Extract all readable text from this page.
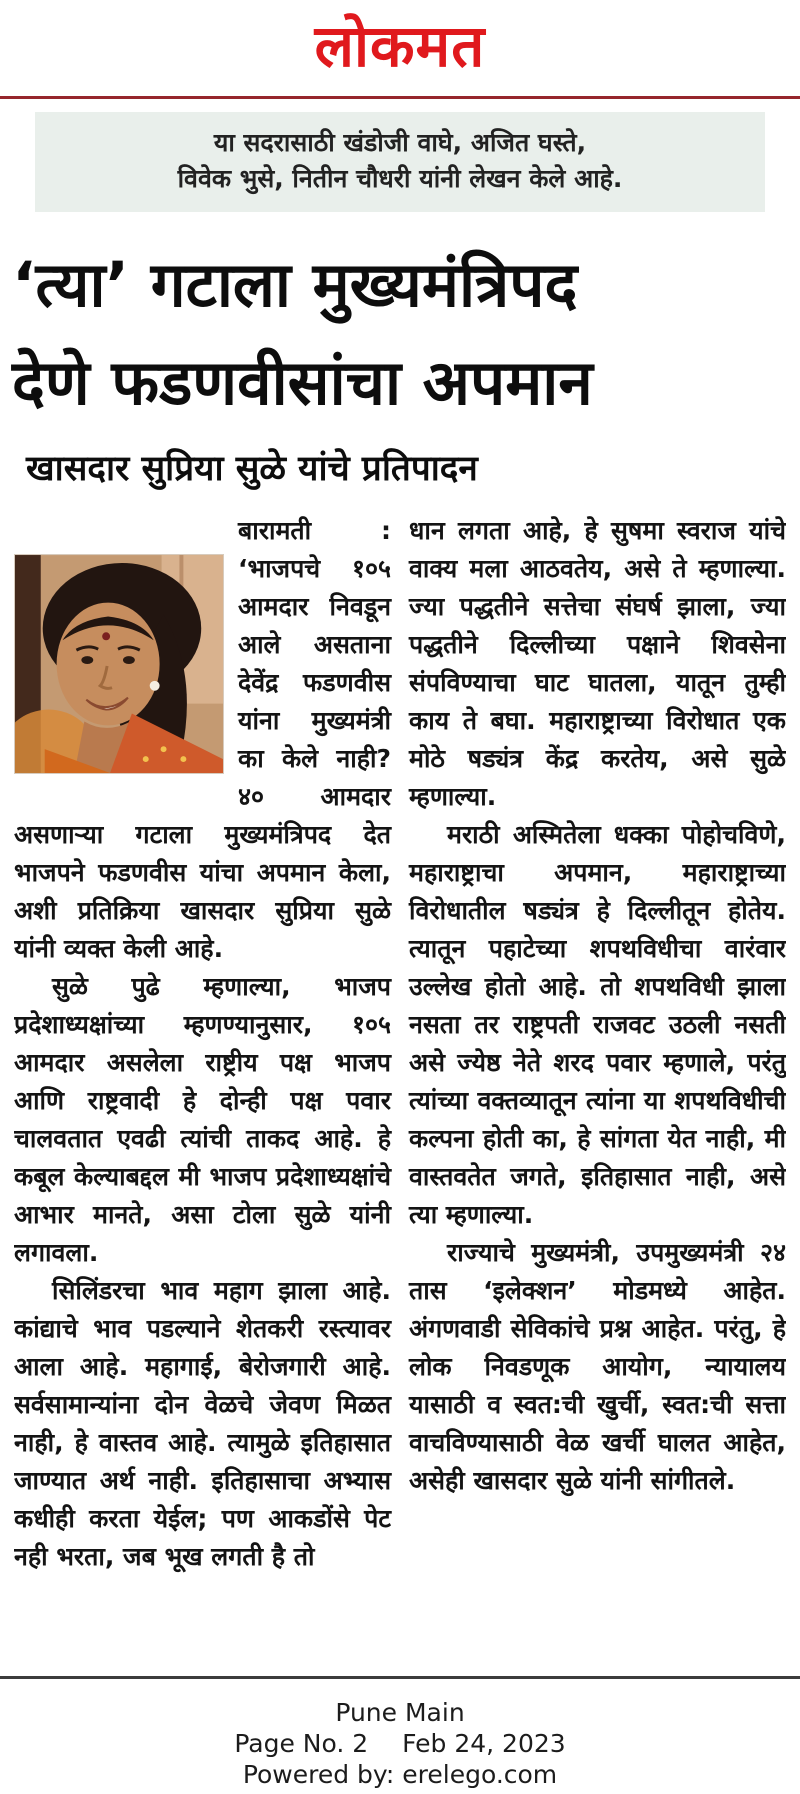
लोकमत
या सदरासाठी खंडोजी वाघे, अजित घस्ते,
विवेक भुसे, नितीन चौधरी यांनी लेखन केले आहे.
‘त्या’ गटाला मुख्यमंत्रिपद
देणे फडणवीसांचा अपमान
खासदार सुप्रिया सुळे यांचे प्रतिपादन

बारामती : ‘भाजपचे १०५ आमदार निवडून आले असताना देवेंद्र फडणवीस यांना मुख्यमंत्री का केले नाही? ४० आमदार असणाऱ्या गटाला मुख्यमंत्रिपद देत भाजपने फडणवीस यांचा अपमान केला, अशी प्रतिक्रिया खासदार सुप्रिया सुळे यांनी व्यक्त केली आहे.

सुळे पुढे म्हणाल्या, भाजप प्रदेशाध्यक्षांच्या म्हणण्यानुसार, १०५ आमदार असलेला राष्ट्रीय पक्ष भाजप आणि राष्ट्रवादी हे दोन्ही पक्ष पवार चालवतात एवढी त्यांची ताकद आहे. हे कबूल केल्याबद्दल मी भाजप प्रदेशाध्यक्षांचे आभार मानते, असा टोला सुळे यांनी लगावला.

सिलिंडरचा भाव महाग झाला आहे. कांद्याचे भाव पडल्याने शेतकरी रस्त्यावर आला आहे. महागाई, बेरोजगारी आहे. सर्वसामान्यांना दोन वेळचे जेवण मिळत नाही, हे वास्तव आहे. त्यामुळे इतिहासात जाण्यात अर्थ नाही. इतिहासाचा अभ्यास कधीही करता येईल; पण आकडोंसे पेट नही भरता, जब भूख लगती है तो

धान लगता आहे, हे सुषमा स्वराज यांचे वाक्य मला आठवतेय, असे ते म्हणाल्या. ज्या पद्धतीने सत्तेचा संघर्ष झाला, ज्या पद्धतीने दिल्लीच्या पक्षाने शिवसेना संपविण्याचा घाट घातला, यातून तुम्ही काय ते बघा. महाराष्ट्राच्या विरोधात एक मोठे षड्यंत्र केंद्र करतेय, असे सुळे म्हणाल्या.

मराठी अस्मितेला धक्का पोहोचविणे, महाराष्ट्राचा अपमान, महाराष्ट्राच्या विरोधातील षड्यंत्र हे दिल्लीतून होतेय. त्यातून पहाटेच्या शपथविधीचा वारंवार उल्लेख होतो आहे. तो शपथविधी झाला नसता तर राष्ट्रपती राजवट उठली नसती असे ज्येष्ठ नेते शरद पवार म्हणाले, परंतु त्यांच्या वक्तव्यातून त्यांना या शपथविधीची कल्पना होती का, हे सांगता येत नाही, मी वास्तवतेत जगते, इतिहासात नाही, असे त्या म्हणाल्या.

राज्याचे मुख्यमंत्री, उपमुख्यमंत्री २४ तास ‘इलेक्शन’ मोडमध्ये आहेत. अंगणवाडी सेविकांचे प्रश्न आहेत. परंतु, हे लोक निवडणूक आयोग, न्यायालय यासाठी व स्वत:ची खुर्ची, स्वत:ची सत्ता वाचविण्यासाठी वेळ खर्ची घालत आहेत, असेही खासदार सुळे यांनी सांगीतले.

Pune Main
Page No. 2 Feb 24, 2023
Powered by: erelego.com
